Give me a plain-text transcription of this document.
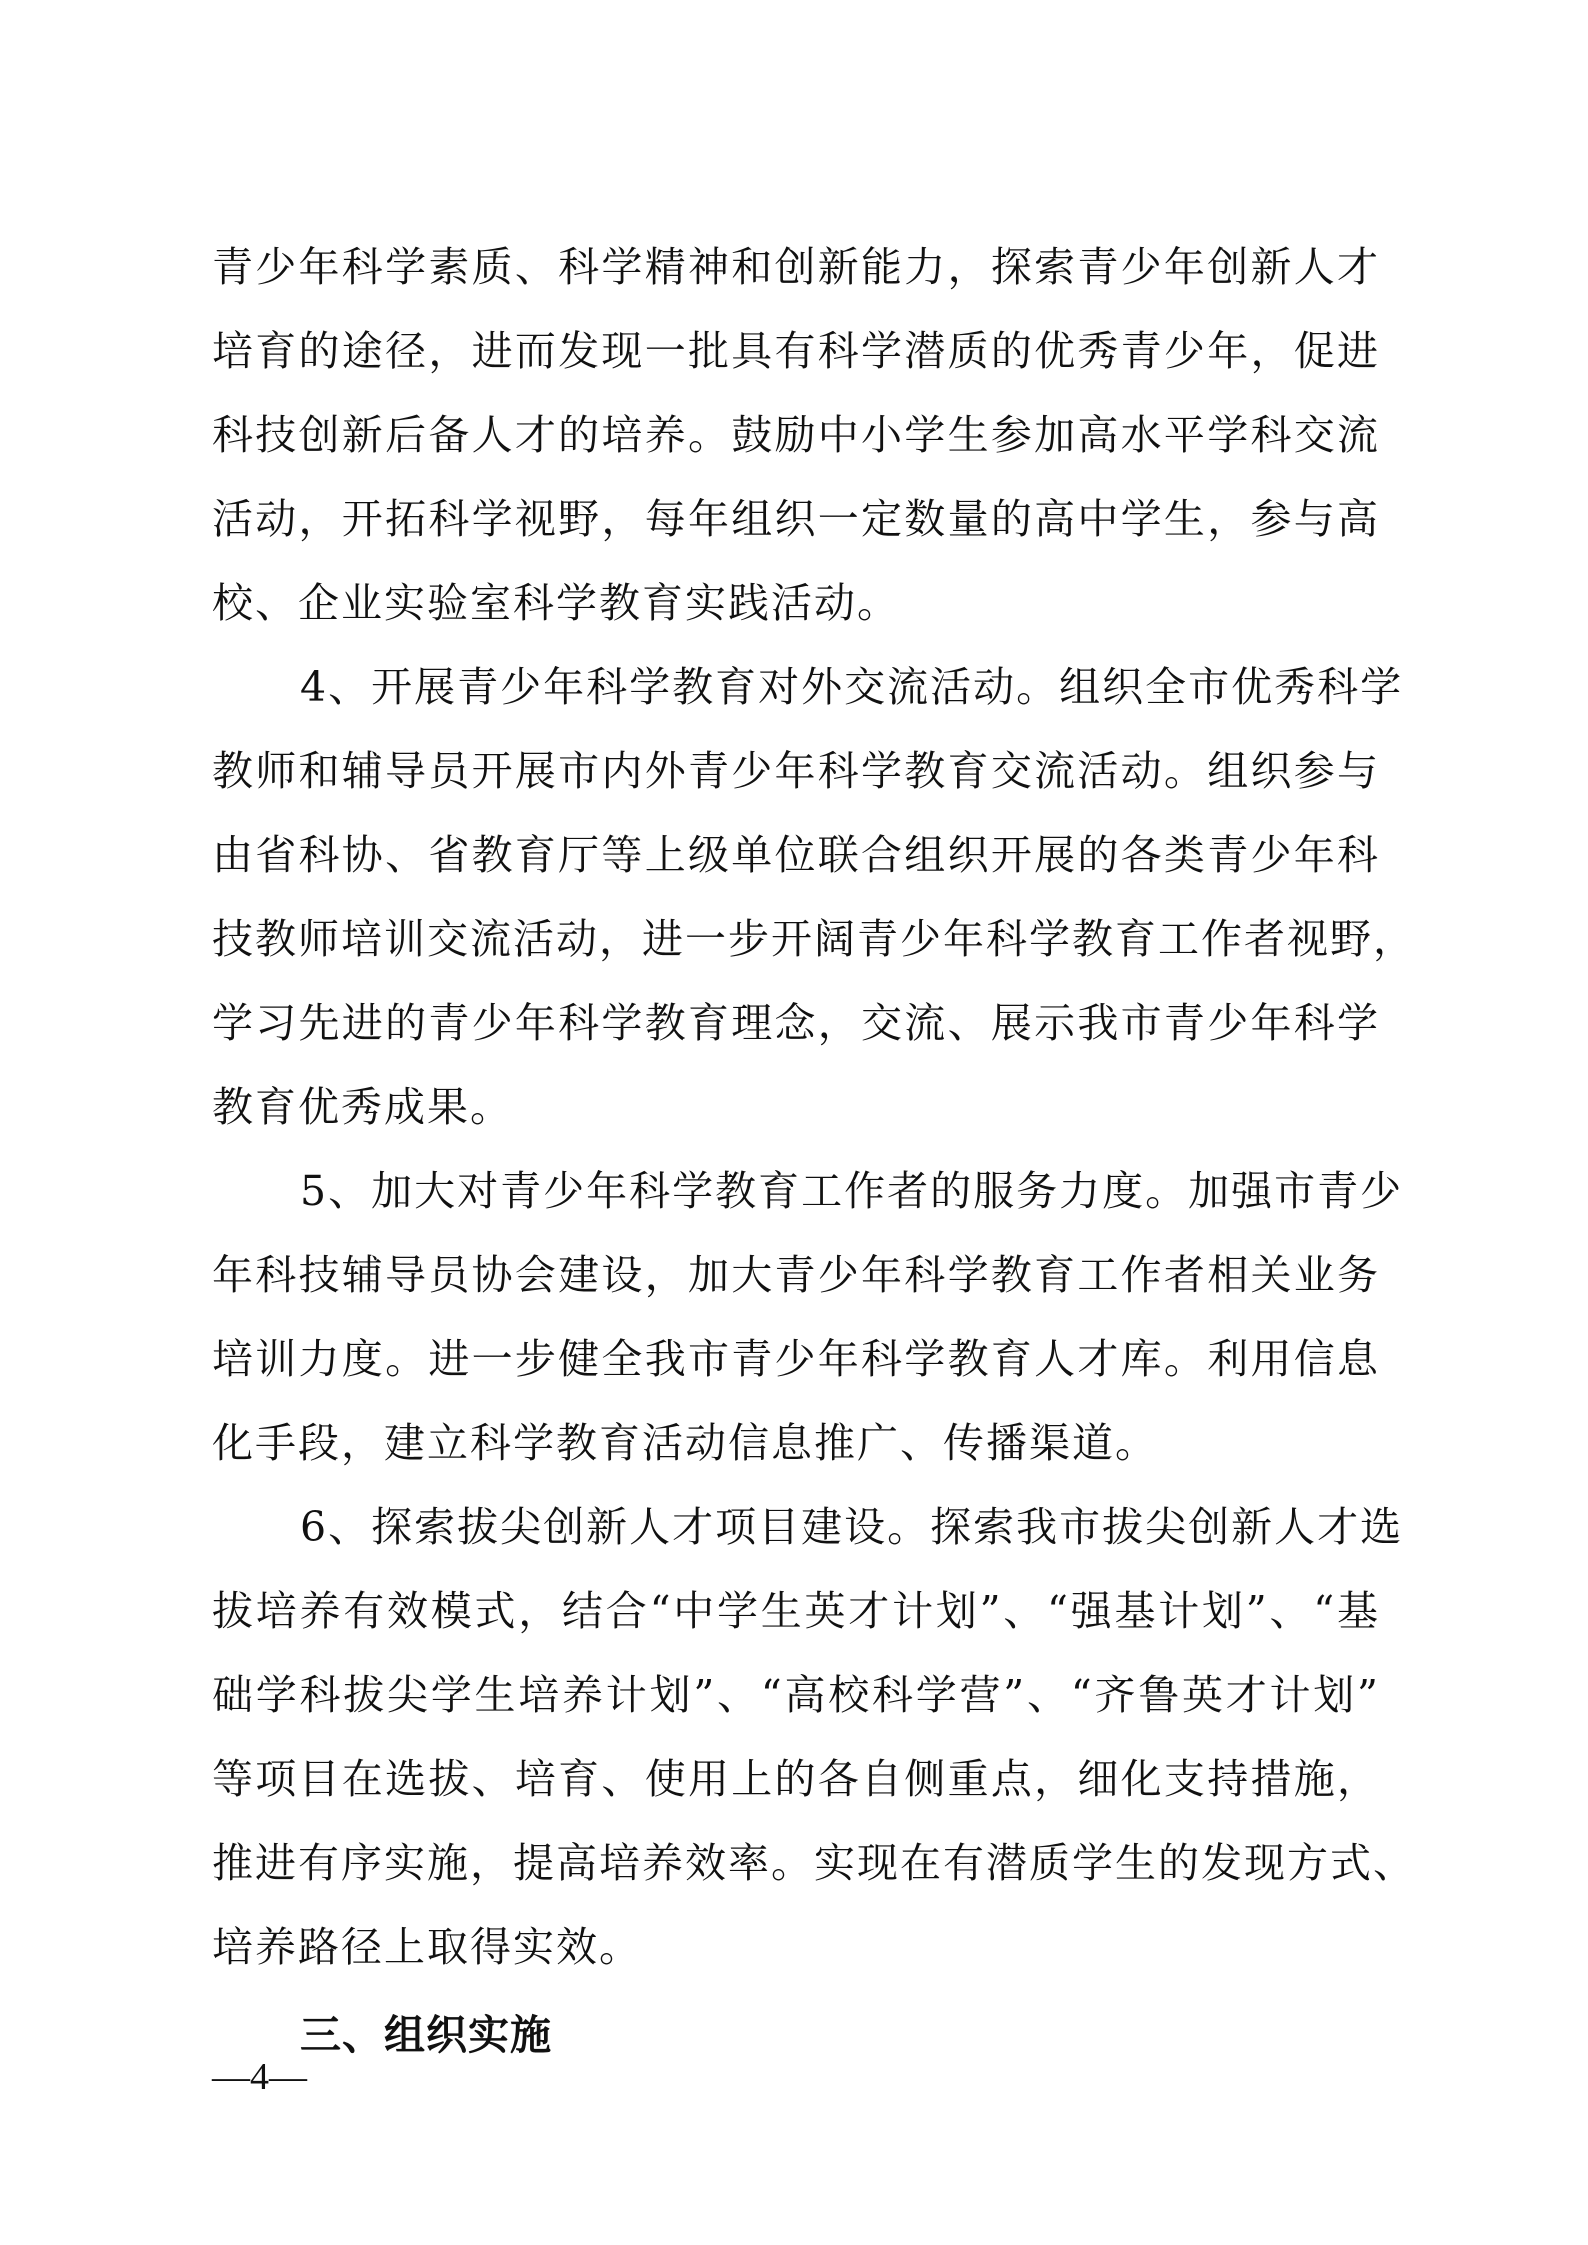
青少年科学素质、科学精神和创新能力，探索青少年创新人才
培育的途径，进而发现一批具有科学潜质的优秀青少年，促进
科技创新后备人才的培养。鼓励中小学生参加高水平学科交流
活动，开拓科学视野，每年组织一定数量的高中学生，参与高
校、企业实验室科学教育实践活动。
4、开展青少年科学教育对外交流活动。组织全市优秀科学
教师和辅导员开展市内外青少年科学教育交流活动。组织参与
由省科协、省教育厅等上级单位联合组织开展的各类青少年科
技教师培训交流活动，进一步开阔青少年科学教育工作者视野，
学习先进的青少年科学教育理念，交流、展示我市青少年科学
教育优秀成果。
5、加大对青少年科学教育工作者的服务力度。加强市青少
年科技辅导员协会建设，加大青少年科学教育工作者相关业务
培训力度。进一步健全我市青少年科学教育人才库。利用信息
化手段，建立科学教育活动信息推广、传播渠道。
6、探索拔尖创新人才项目建设。探索我市拔尖创新人才选
拔培养有效模式，结合“中学生英才计划”、“强基计划”、“基
础学科拔尖学生培养计划”、“高校科学营”、“齐鲁英才计划”
等项目在选拔、培育、使用上的各自侧重点，细化支持措施，
推进有序实施，提高培养效率。实现在有潜质学生的发现方式、
培养路径上取得实效。
三、组织实施
—4—
